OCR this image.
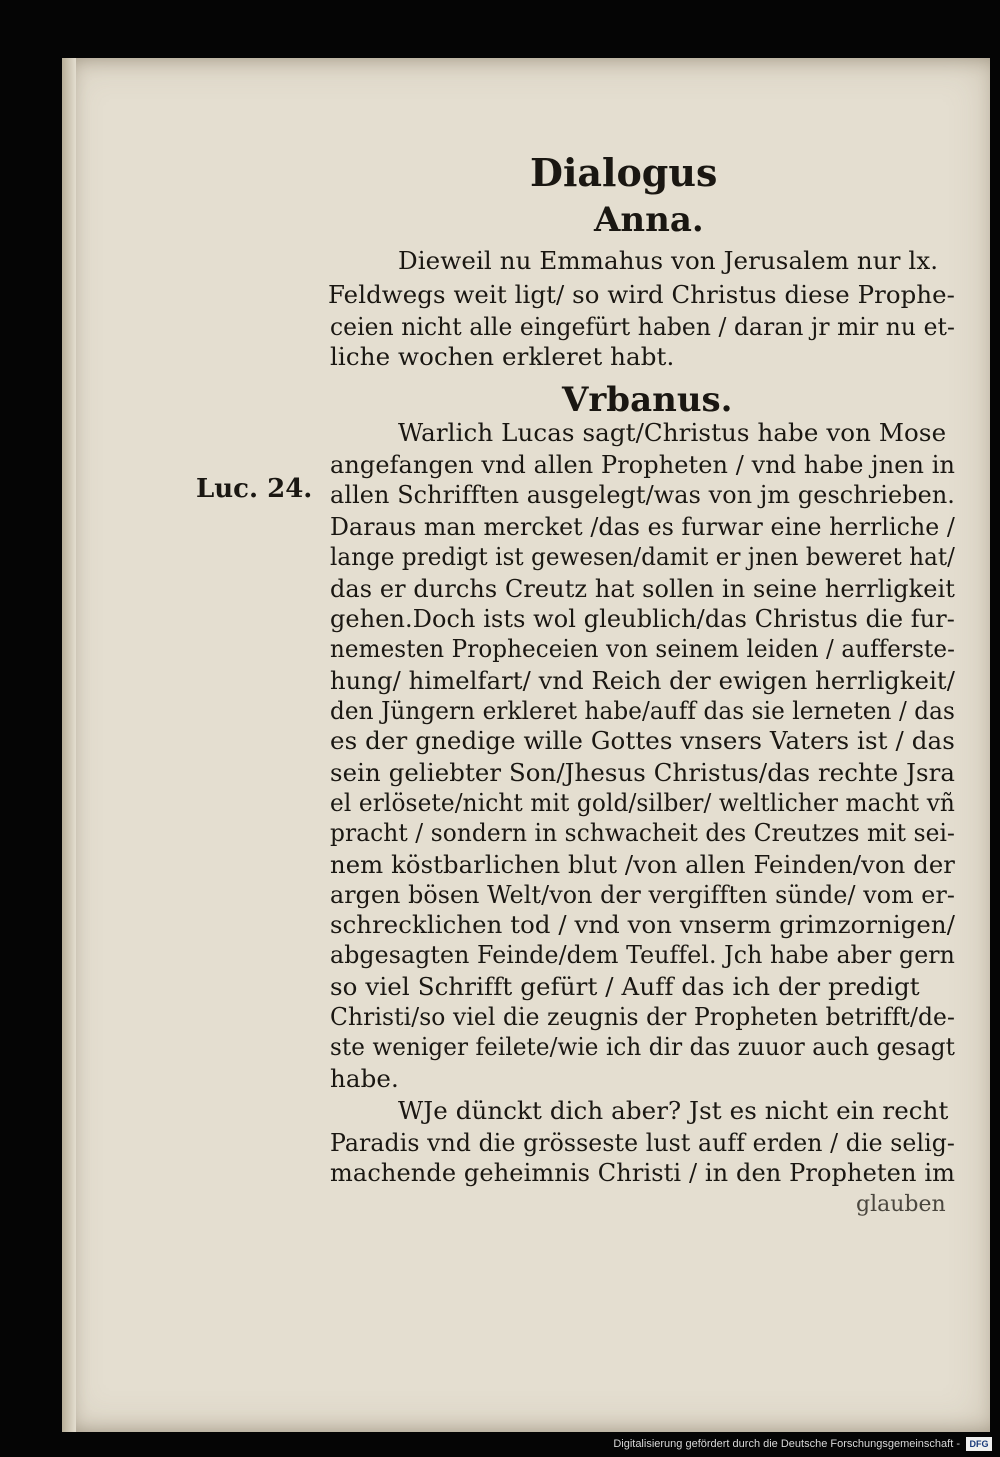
Dialogus
Anna.
Vrbanus.
Luc. 24.
Dieweil nu Emmahus von Jerusalem nur lx.
Feldwegs weit ligt/ so wird Christus diese Prophe-
ceien nicht alle eingefürt haben / daran jr mir nu et-
liche wochen erkleret habt.
Warlich Lucas sagt/Christus habe von Mose
angefangen vnd allen Propheten / vnd habe jnen in
allen Schrifften ausgelegt/was von jm geschrieben.
Daraus man mercket /das es furwar eine herrliche /
lange predigt ist gewesen/damit er jnen beweret hat/
das er durchs Creutz hat sollen in seine herrligkeit
gehen.Doch ists wol gleublich/das Christus die fur-
nemesten Propheceien von seinem leiden / aufferste-
hung/ himelfart/ vnd Reich der ewigen herrligkeit/
den Jüngern erkleret habe/auff das sie lerneten / das
es der gnedige wille Gottes vnsers Vaters ist / das
sein geliebter Son/Jhesus Christus/das rechte Jsra
el erlösete/nicht mit gold/silber/ weltlicher macht vñ
pracht / sondern in schwacheit des Creutzes mit sei-
nem köstbarlichen blut /von allen Feinden/von der
argen bösen Welt/von der vergifften sünde/ vom er-
schrecklichen tod / vnd von vnserm grimzornigen/
abgesagten Feinde/dem Teuffel. Jch habe aber gern
so viel Schrifft gefürt / Auff das ich der predigt
Christi/so viel die zeugnis der Propheten betrifft/de-
ste weniger feilete/wie ich dir das zuuor auch gesagt
habe.
WJe dünckt dich aber? Jst es nicht ein recht
Paradis vnd die grösseste lust auff erden / die selig-
machende geheimnis Christi / in den Propheten im
glauben
Digitalisierung gefördert durch die Deutsche Forschungsgemeinschaft -	DFG
